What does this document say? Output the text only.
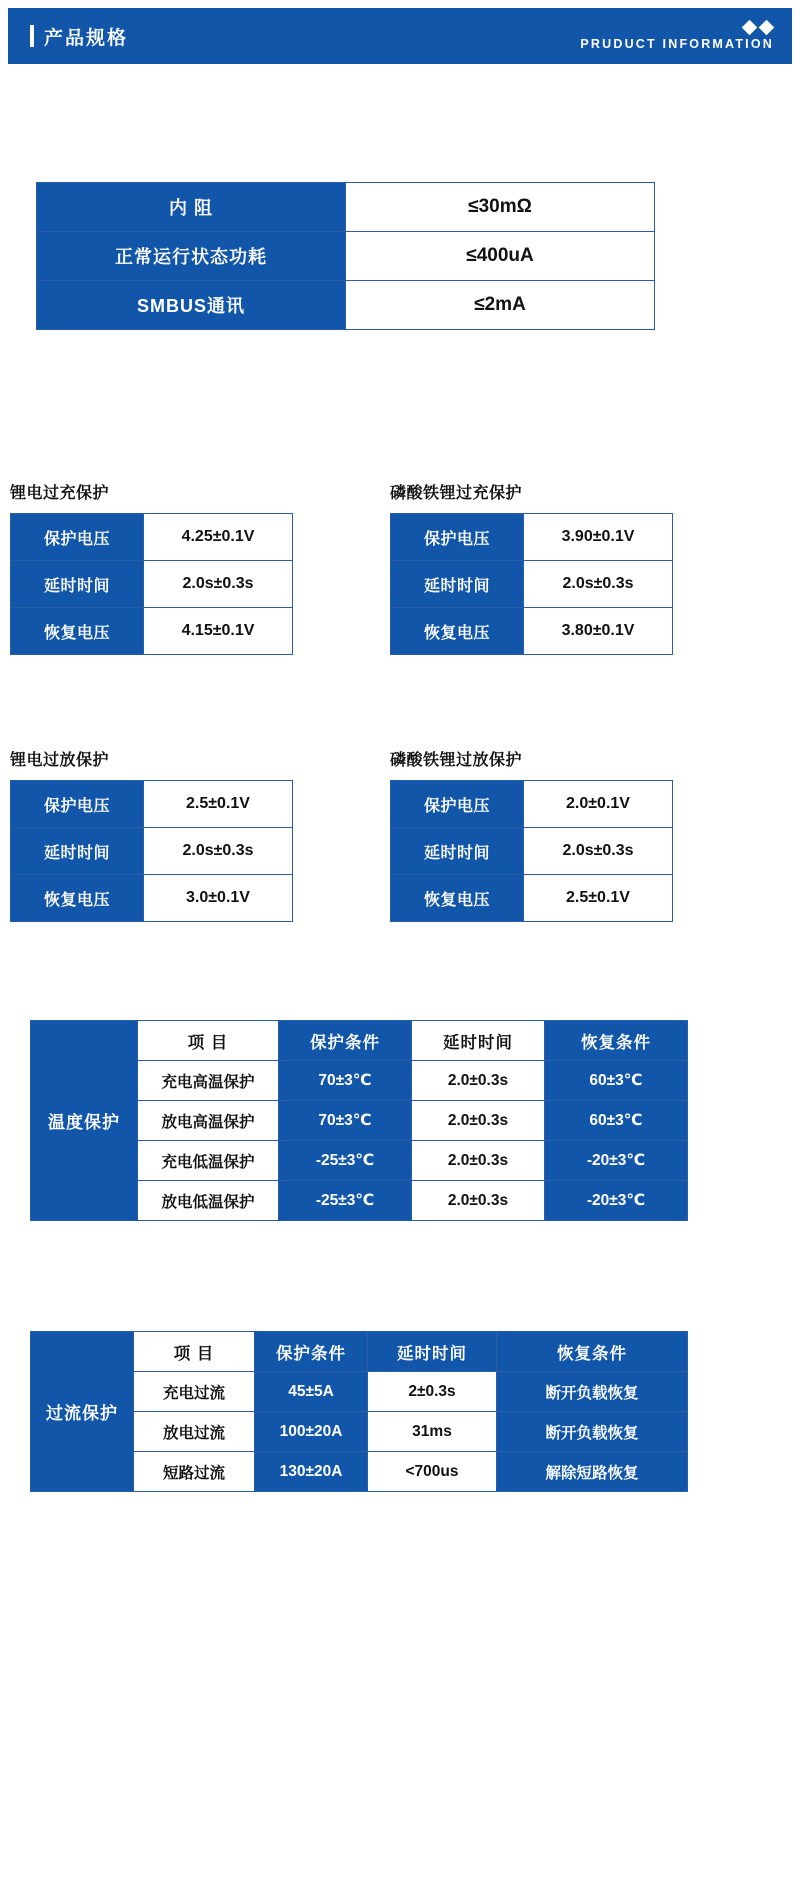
产品规格	PRUDUCT INFORMATION
内 阻	≤30mΩ
正常运行状态功耗	≤400uA
SMBUS通讯	≤2mA
锂电过充保护
保护电压	4.25±0.1V
延时时间	2.0s±0.3s
恢复电压	4.15±0.1V
磷酸铁锂过充保护
保护电压	3.90±0.1V
延时时间	2.0s±0.3s
恢复电压	3.80±0.1V
锂电过放保护
保护电压	2.5±0.1V
延时时间	2.0s±0.3s
恢复电压	3.0±0.1V
磷酸铁锂过放保护
保护电压	2.0±0.1V
延时时间	2.0s±0.3s
恢复电压	2.5±0.1V
温度保护	项 目	保护条件	延时时间	恢复条件
	充电高温保护	70±3℃	2.0±0.3s	60±3℃
	放电高温保护	70±3℃	2.0±0.3s	60±3℃
	充电低温保护	-25±3℃	2.0±0.3s	-20±3℃
	放电低温保护	-25±3℃	2.0±0.3s	-20±3℃
过流保护	项 目	保护条件	延时时间	恢复条件
	充电过流	45±5A	2±0.3s	断开负载恢复
	放电过流	100±20A	31ms	断开负载恢复
	短路过流	130±20A	<700us	解除短路恢复
